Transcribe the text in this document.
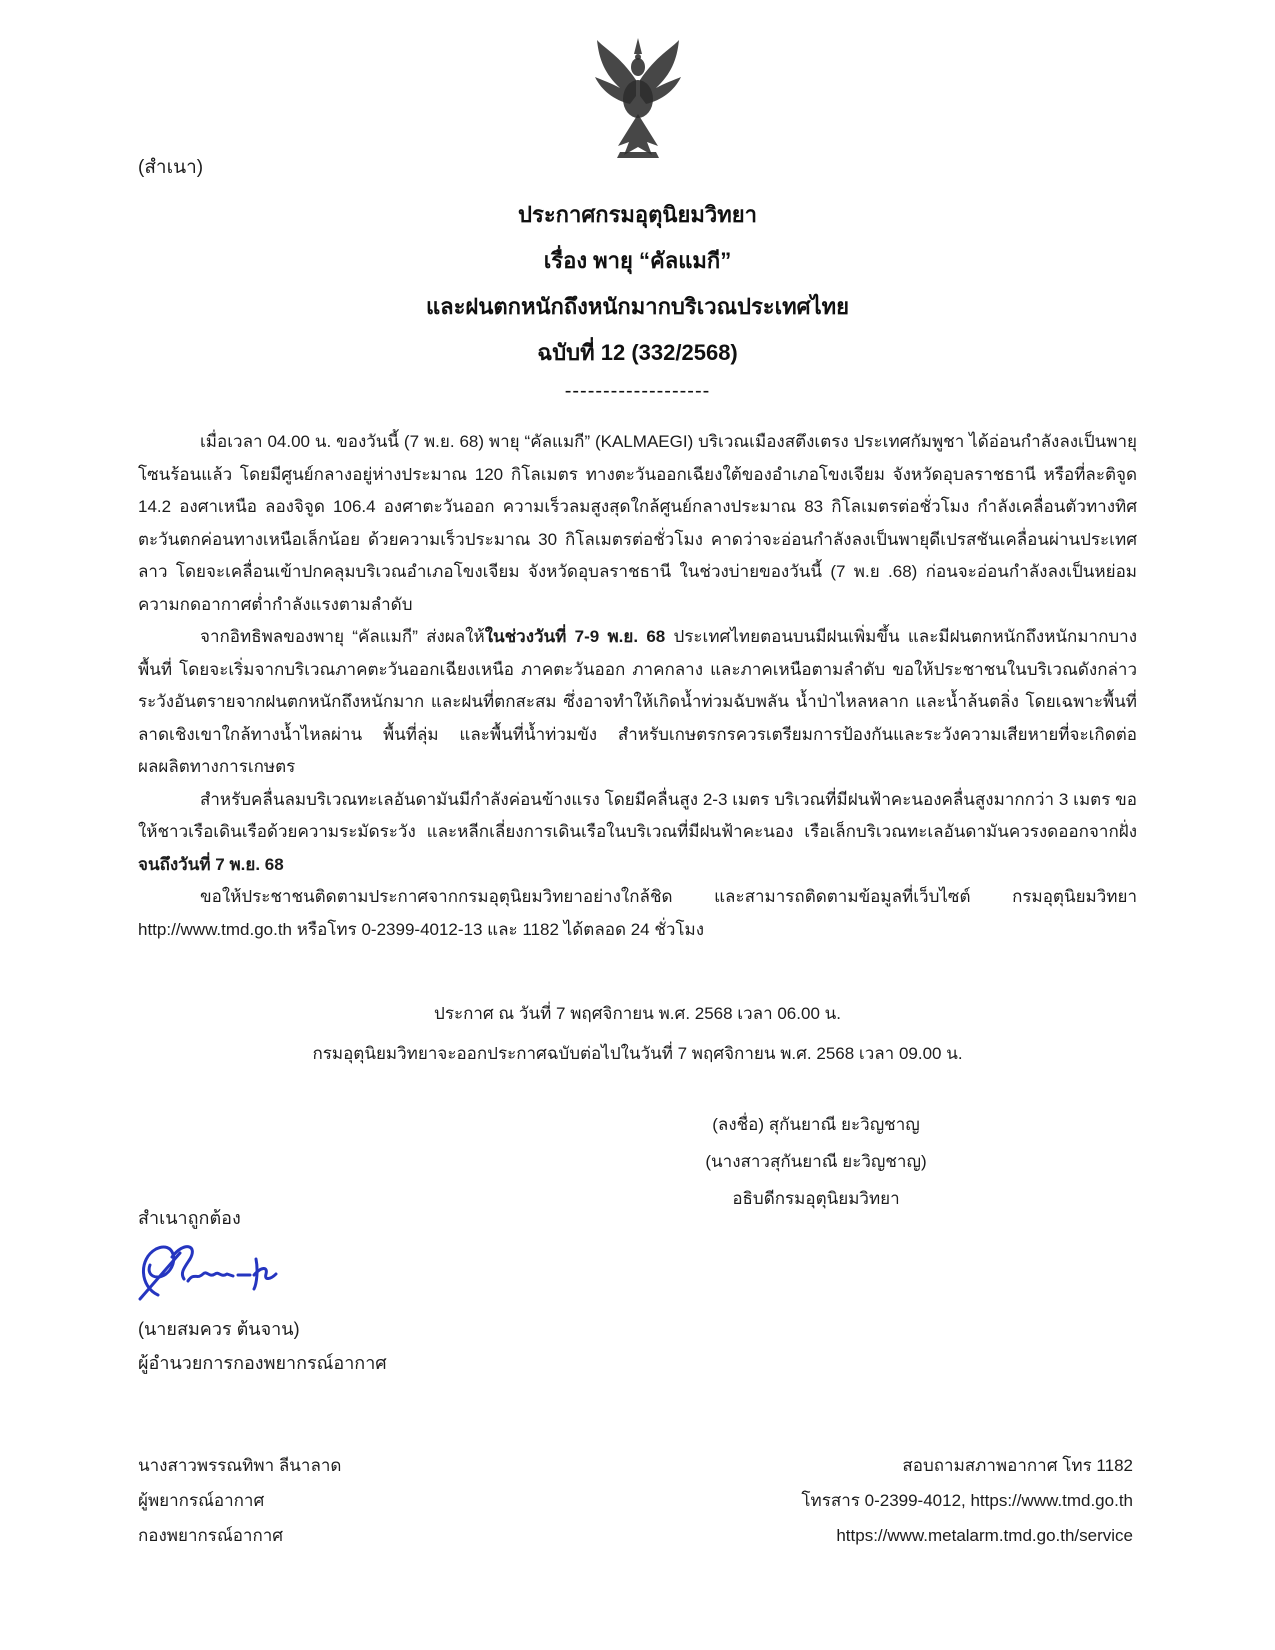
(สำเนา)
ประกาศกรมอุตุนิยมวิทยา
เรื่อง พายุ “คัลแมกี”
และฝนตกหนักถึงหนักมากบริเวณประเทศไทย
ฉบับที่ 12 (332/2568)
-------------------

เมื่อเวลา 04.00 น. ของวันนี้ (7 พ.ย. 68) พายุ “คัลแมกี” (KALMAEGI) บริเวณเมืองสตึงเตรง ประเทศกัมพูชา ได้อ่อนกำลังลงเป็นพายุโซนร้อนแล้ว โดยมีศูนย์กลางอยู่ห่างประมาณ 120 กิโลเมตร ทางตะวันออกเฉียงใต้ของอำเภอโขงเจียม จังหวัดอุบลราชธานี หรือที่ละติจูด 14.2 องศาเหนือ ลองจิจูด 106.4 องศาตะวันออก ความเร็วลมสูงสุดใกล้ศูนย์กลางประมาณ 83 กิโลเมตรต่อชั่วโมง กำลังเคลื่อนตัวทางทิศตะวันตกค่อนทางเหนือเล็กน้อย ด้วยความเร็วประมาณ 30 กิโลเมตรต่อชั่วโมง คาดว่าจะอ่อนกำลังลงเป็นพายุดีเปรสชันเคลื่อนผ่านประเทศลาว โดยจะเคลื่อนเข้าปกคลุมบริเวณอำเภอโขงเจียม จังหวัดอุบลราชธานี ในช่วงบ่ายของวันนี้ (7 พ.ย .68) ก่อนจะอ่อนกำลังลงเป็นหย่อมความกดอากาศต่ำกำลังแรงตามลำดับ

จากอิทธิพลของพายุ “คัลแมกี” ส่งผลให้ในช่วงวันที่ 7-9 พ.ย. 68 ประเทศไทยตอนบนมีฝนเพิ่มขึ้น และมีฝนตกหนักถึงหนักมากบางพื้นที่ โดยจะเริ่มจากบริเวณภาคตะวันออกเฉียงเหนือ ภาคตะวันออก ภาคกลาง และภาคเหนือตามลำดับ ขอให้ประชาชนในบริเวณดังกล่าวระวังอันตรายจากฝนตกหนักถึงหนักมาก และฝนที่ตกสะสม ซึ่งอาจทำให้เกิดน้ำท่วมฉับพลัน น้ำป่าไหลหลาก และน้ำล้นตลิ่ง โดยเฉพาะพื้นที่ลาดเชิงเขาใกล้ทางน้ำไหลผ่าน พื้นที่ลุ่ม และพื้นที่น้ำท่วมขัง สำหรับเกษตรกรควรเตรียมการป้องกันและระวังความเสียหายที่จะเกิดต่อผลผลิตทางการเกษตร

สำหรับคลื่นลมบริเวณทะเลอันดามันมีกำลังค่อนข้างแรง โดยมีคลื่นสูง 2-3 เมตร บริเวณที่มีฝนฟ้าคะนองคลื่นสูงมากกว่า 3 เมตร ขอให้ชาวเรือเดินเรือด้วยความระมัดระวัง และหลีกเลี่ยงการเดินเรือในบริเวณที่มีฝนฟ้าคะนอง เรือเล็กบริเวณทะเลอันดามันควรงดออกจากฝั่งจนถึงวันที่ 7 พ.ย. 68

ขอให้ประชาชนติดตามประกาศจากกรมอุตุนิยมวิทยาอย่างใกล้ชิด และสามารถติดตามข้อมูลที่เว็บไซต์ กรมอุตุนิยมวิทยา http://www.tmd.go.th หรือโทร 0-2399-4012-13 และ 1182 ได้ตลอด 24 ชั่วโมง

ประกาศ ณ วันที่ 7 พฤศจิกายน พ.ศ. 2568 เวลา 06.00 น.
กรมอุตุนิยมวิทยาจะออกประกาศฉบับต่อไปในวันที่ 7 พฤศจิกายน พ.ศ. 2568 เวลา 09.00 น.
(ลงชื่อ) สุกันยาณี ยะวิญชาญ
(นางสาวสุกันยาณี ยะวิญชาญ)
อธิบดีกรมอุตุนิยมวิทยา
สำเนาถูกต้อง
(นายสมควร ต้นจาน)
ผู้อำนวยการกองพยากรณ์อากาศ
นางสาวพรรณทิพา ลีนาลาด
ผู้พยากรณ์อากาศ
กองพยากรณ์อากาศ
สอบถามสภาพอากาศ โทร 1182
โทรสาร 0-2399-4012, https://www.tmd.go.th
https://www.metalarm.tmd.go.th/service
